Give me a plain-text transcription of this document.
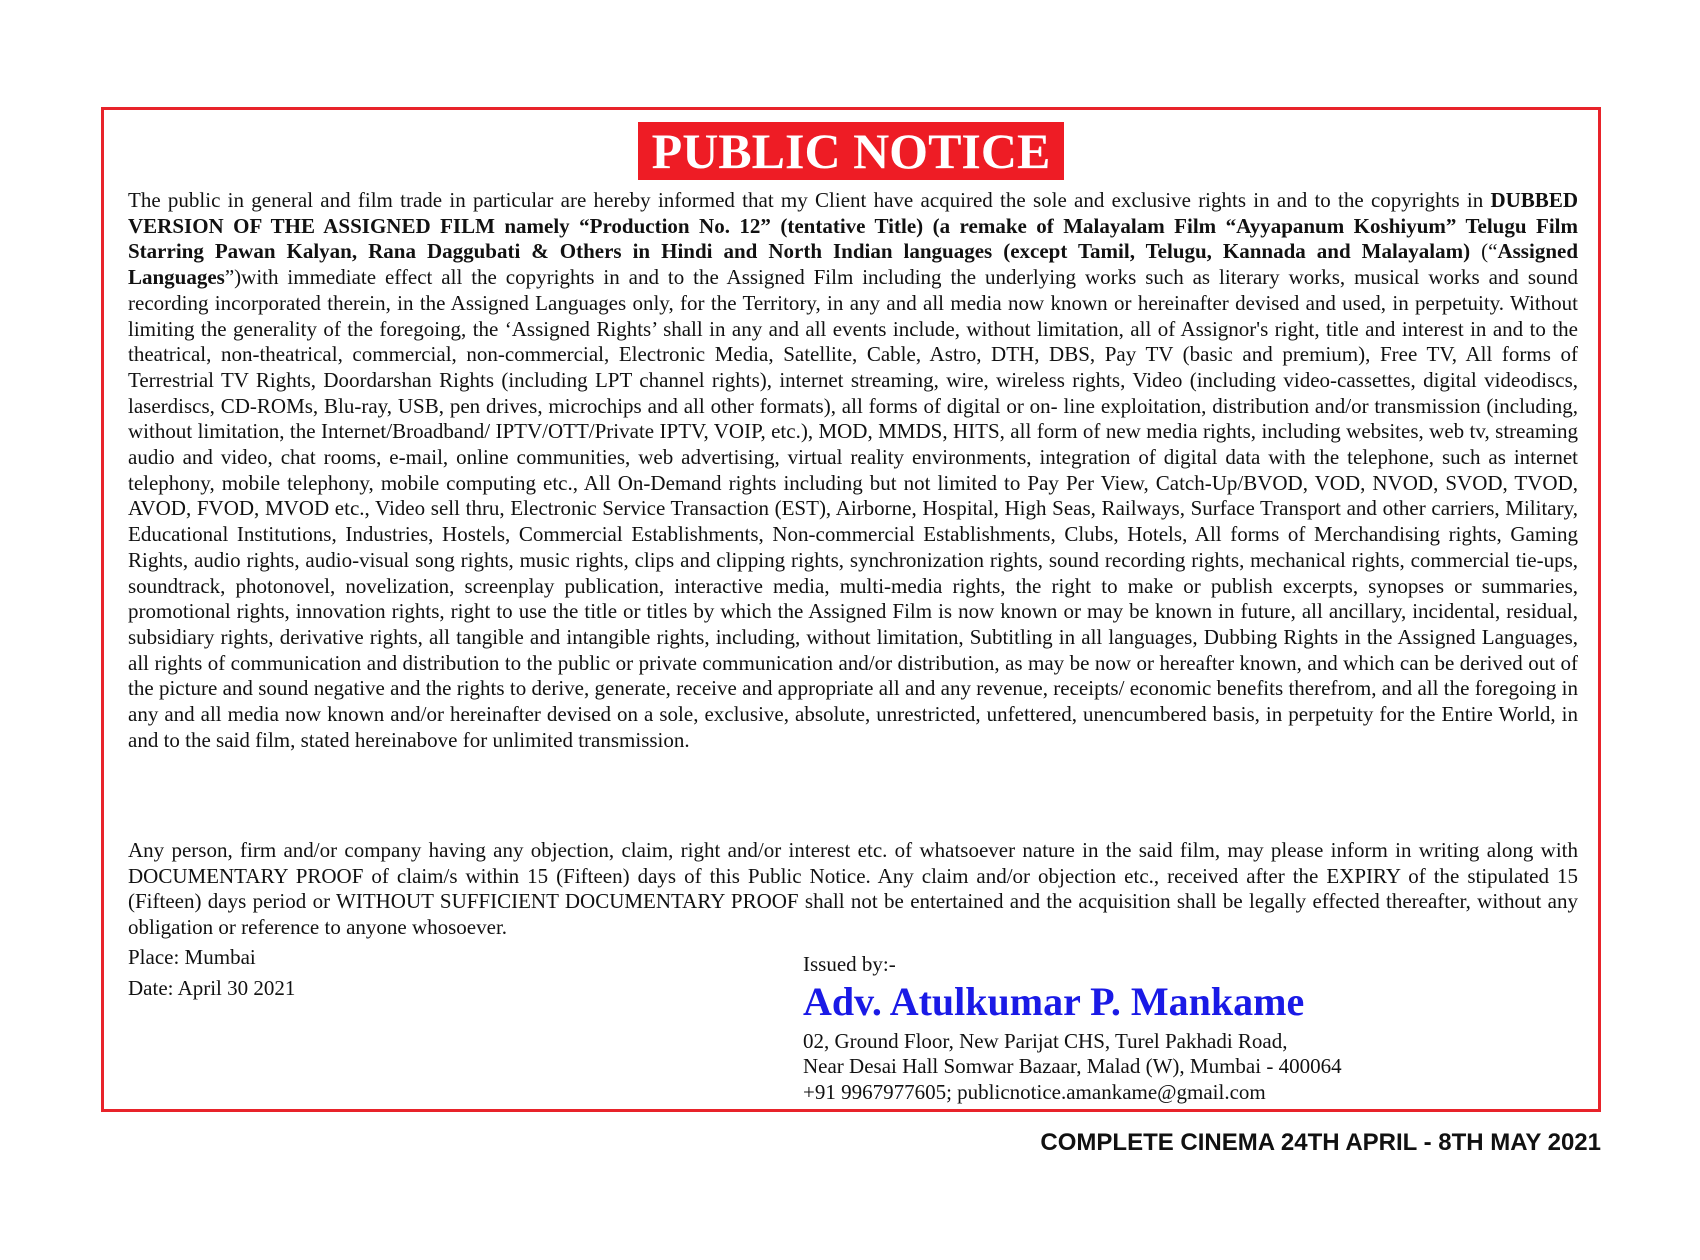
PUBLIC NOTICE

The public in general and film trade in particular are hereby informed that my Client have acquired the sole and exclusive rights in and to the copyrights in DUBBED VERSION OF THE ASSIGNED FILM namely “Production No. 12” (tentative Title) (a remake of Malayalam Film “Ayyapanum Koshiyum” Telugu Film Starring Pawan Kalyan, Rana Daggubati & Others in Hindi and North Indian languages (except Tamil, Telugu, Kannada and Malayalam) (“Assigned Languages”)with immediate effect all the copyrights in and to the Assigned Film including the underlying works such as literary works, musical works and sound recording incorporated therein, in the Assigned Languages only, for the Territory, in any and all media now known or hereinafter devised and used, in perpetuity. Without limiting the generality of the foregoing, the ‘Assigned Rights’ shall in any and all events include, without limitation, all of Assignor's right, title and interest in and to the theatrical, non-theatrical, commercial, non-commercial, Electronic Media, Satellite, Cable, Astro, DTH, DBS, Pay TV (basic and premium), Free TV, All forms of Terrestrial TV Rights, Doordarshan Rights (including LPT channel rights), internet streaming, wire, wireless rights, Video (including video-cassettes, digital videodiscs, laserdiscs, CD-ROMs, Blu-ray, USB, pen drives, microchips and all other formats), all forms of digital or on- line exploitation, distribution and/or transmission (including, without limitation, the Internet/Broadband/ IPTV/OTT/Private IPTV, VOIP, etc.), MOD, MMDS, HITS, all form of new media rights, including websites, web tv, streaming audio and video, chat rooms, e-mail, online communities, web advertising, virtual reality environments, integration of digital data with the telephone, such as internet telephony, mobile telephony, mobile computing etc., All On-Demand rights including but not limited to Pay Per View, Catch-Up/BVOD, VOD, NVOD, SVOD, TVOD, AVOD, FVOD, MVOD etc., Video sell thru, Electronic Service Transaction (EST), Airborne, Hospital, High Seas, Railways, Surface Transport and other carriers, Military, Educational Institutions, Industries, Hostels, Commercial Establishments, Non-commercial Establishments, Clubs, Hotels, All forms of Merchandising rights, Gaming Rights, audio rights, audio-visual song rights, music rights, clips and clipping rights, synchronization rights, sound recording rights, mechanical rights, commercial tie-ups, soundtrack, photonovel, novelization, screenplay publication, interactive media, multi-media rights, the right to make or publish excerpts, synopses or summaries, promotional rights, innovation rights, right to use the title or titles by which the Assigned Film is now known or may be known in future, all ancillary, incidental, residual, subsidiary rights, derivative rights, all tangible and intangible rights, including, without limitation, Subtitling in all languages, Dubbing Rights in the Assigned Languages, all rights of communication and distribution to the public or private communication and/or distribution, as may be now or hereafter known, and which can be derived out of the picture and sound negative and the rights to derive, generate, receive and appropriate all and any revenue, receipts/ economic benefits therefrom, and all the foregoing in any and all media now known and/or hereinafter devised on a sole, exclusive, absolute, unrestricted, unfettered, unencumbered basis, in perpetuity for the Entire World, in and to the said film, stated hereinabove for unlimited transmission.

Any person, firm and/or company having any objection, claim, right and/or interest etc. of whatsoever nature in the said film, may please inform in writing along with DOCUMENTARY PROOF of claim/s within 15 (Fifteen) days of this Public Notice. Any claim and/or objection etc., received after the EXPIRY of the stipulated 15 (Fifteen) days period or WITHOUT SUFFICIENT DOCUMENTARY PROOF shall not be entertained and the acquisition shall be legally effected thereafter, without any obligation or reference to anyone whosoever.

Place: Mumbai
Date: April 30 2021
Issued by:-
Adv. Atulkumar P. Mankame
02, Ground Floor, New Parijat CHS, Turel Pakhadi Road,
Near Desai Hall Somwar Bazaar, Malad (W), Mumbai - 400064
+91 9967977605; publicnotice.amankame@gmail.com
COMPLETE CINEMA 24TH APRIL - 8TH MAY 2021
